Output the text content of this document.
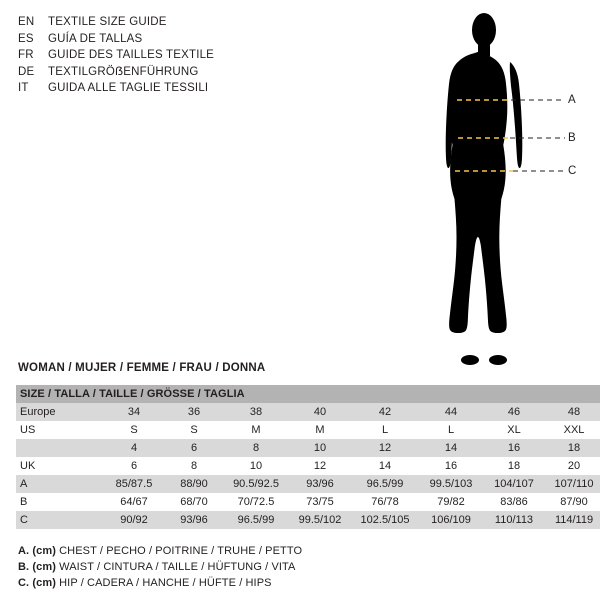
EN	TEXTILE SIZE GUIDE
ES	GUÍA DE TALLAS
FR	GUIDE DES TAILLES TEXTILE
DE	TEXTILGRÖẞENFÜHRUNG
IT	GUIDA ALLE TAGLIE TESSILI
A
B
C
WOMAN / MUJER / FEMME / FRAU / DONNA
SIZE / TALLA / TAILLE / GRÖSSE / TAGLIA								
Europe	34	36	38	40	42	44	46	48
US	S	S	M	M	L	L	XL	XXL
	4	6	8	10	12	14	16	18
UK	6	8	10	12	14	16	18	20
A	85/87.5	88/90	90.5/92.5	93/96	96.5/99	99.5/103	104/107	107/110
B	64/67	68/70	70/72.5	73/75	76/78	79/82	83/86	87/90
C	90/92	93/96	96.5/99	99.5/102	102.5/105	106/109	110/113	114/119
A. (cm) CHEST / PECHO / POITRINE / TRUHE / PETTO
B. (cm) WAIST / CINTURA / TAILLE / HÜFTUNG / VITA
C. (cm) HIP / CADERA / HANCHE / HÜFTE / HIPS
